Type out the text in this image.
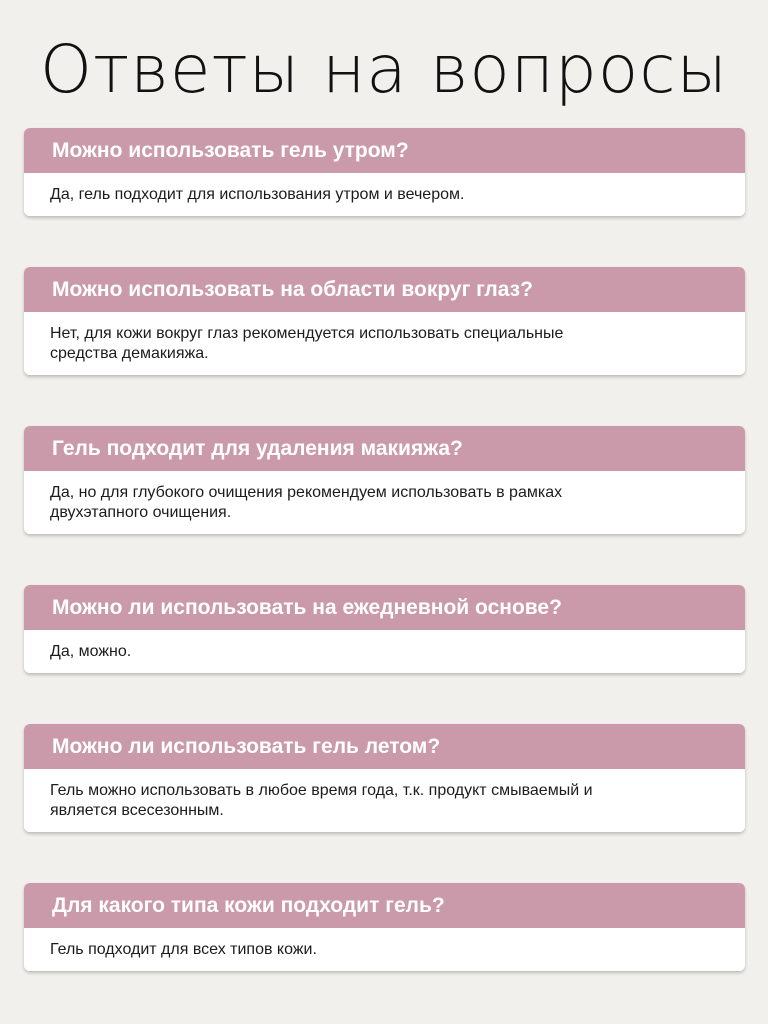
Ответы на вопросы
Можно использовать гель утром?
Да, гель подходит для использования утром и вечером.
Можно использовать на области вокруг глаз?
Нет, для кожи вокруг глаз рекомендуется использовать специальные средства демакияжа.
Гель подходит для удаления макияжа?
Да, но для глубокого очищения рекомендуем использовать в рамках двухэтапного очищения.
Можно ли использовать на ежедневной основе?
Да, можно.
Можно ли использовать гель летом?
Гель можно использовать в любое время года, т.к. продукт смываемый и является всесезонным.
Для какого типа кожи подходит гель?
Гель подходит для всех типов кожи.
